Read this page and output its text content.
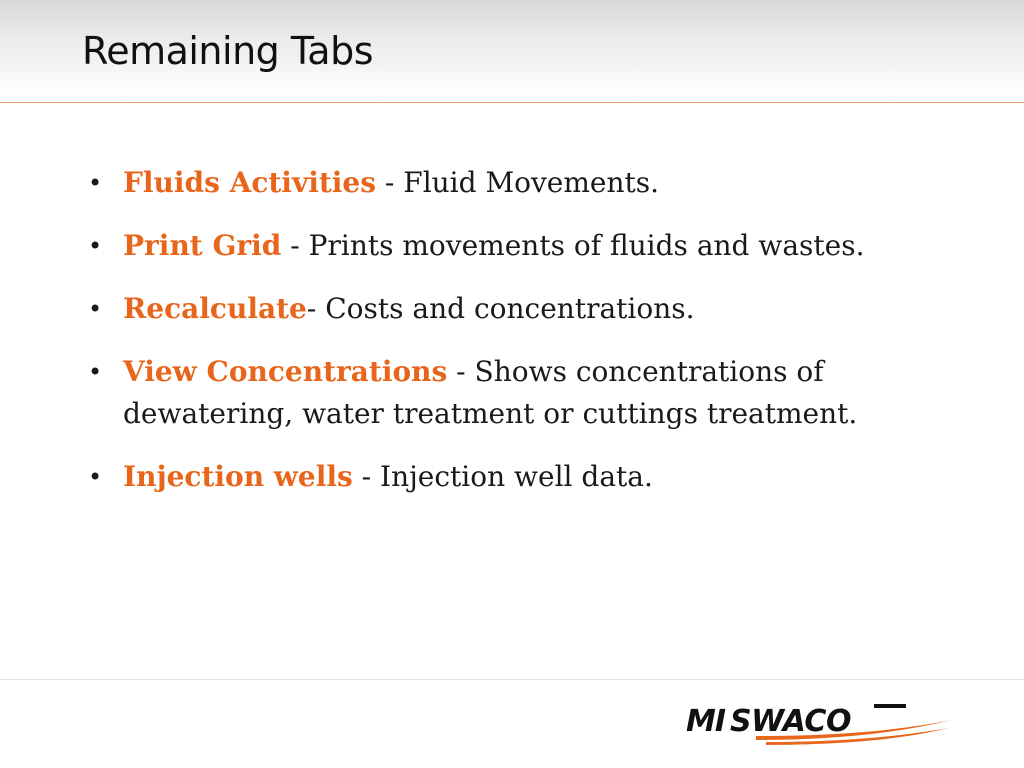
Remaining Tabs
• Fluids Activities - Fluid Movements.
• Print Grid - Prints movements of fluids and wastes.
• Recalculate- Costs and concentrations.
• View Concentrations - Shows concentrations of dewatering, water treatment or cuttings treatment.
• Injection wells - Injection well data.
MI SWACO
